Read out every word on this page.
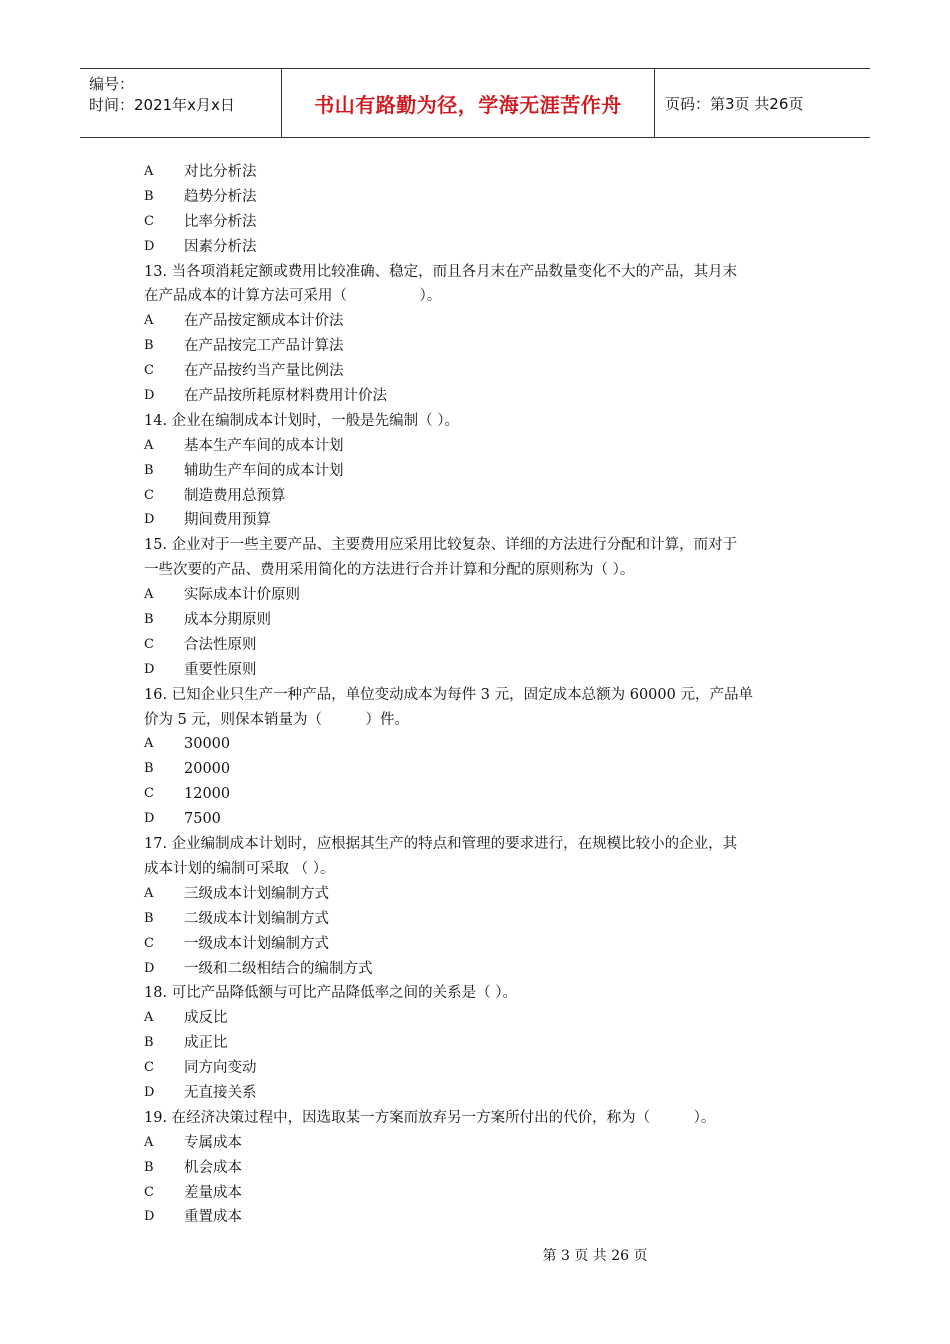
编号：
时间：2021年x月x日	书山有路勤为径，学海无涯苦作舟	页码：第3页 共26页
A	对比分析法
B	趋势分析法
C	比率分析法
D	因素分析法
13. 当各项消耗定额或费用比较准确、稳定，而且各月末在产品数量变化不大的产品，其月末
在产品成本的计算方法可采用（　　　　　）。
A	在产品按定额成本计价法
B	在产品按完工产品计算法
C	在产品按约当产量比例法
D	在产品按所耗原材料费用计价法
14. 企业在编制成本计划时，一般是先编制（ ）。
A	基本生产车间的成本计划
B	辅助生产车间的成本计划
C	制造费用总预算
D	期间费用预算
15. 企业对于一些主要产品、主要费用应采用比较复杂、详细的方法进行分配和计算，而对于
一些次要的产品、费用采用简化的方法进行合并计算和分配的原则称为（ ）。
A	实际成本计价原则
B	成本分期原则
C	合法性原则
D	重要性原则
16. 已知企业只生产一种产品，单位变动成本为每件 3 元，固定成本总额为 60000 元，产品单
价为 5 元，则保本销量为（　　　）件。
A	30000
B	20000
C	12000
D	7500
17. 企业编制成本计划时，应根据其生产的特点和管理的要求进行，在规模比较小的企业，其
成本计划的编制可采取 （ ）。
A	三级成本计划编制方式
B	二级成本计划编制方式
C	一级成本计划编制方式
D	一级和二级相结合的编制方式
18. 可比产品降低额与可比产品降低率之间的关系是（ ）。
A	成反比
B	成正比
C	同方向变动
D	无直接关系
19. 在经济决策过程中，因选取某一方案而放弃另一方案所付出的代价，称为（　　　）。
A	专属成本
B	机会成本
C	差量成本
D	重置成本
第 3 页 共 26 页
